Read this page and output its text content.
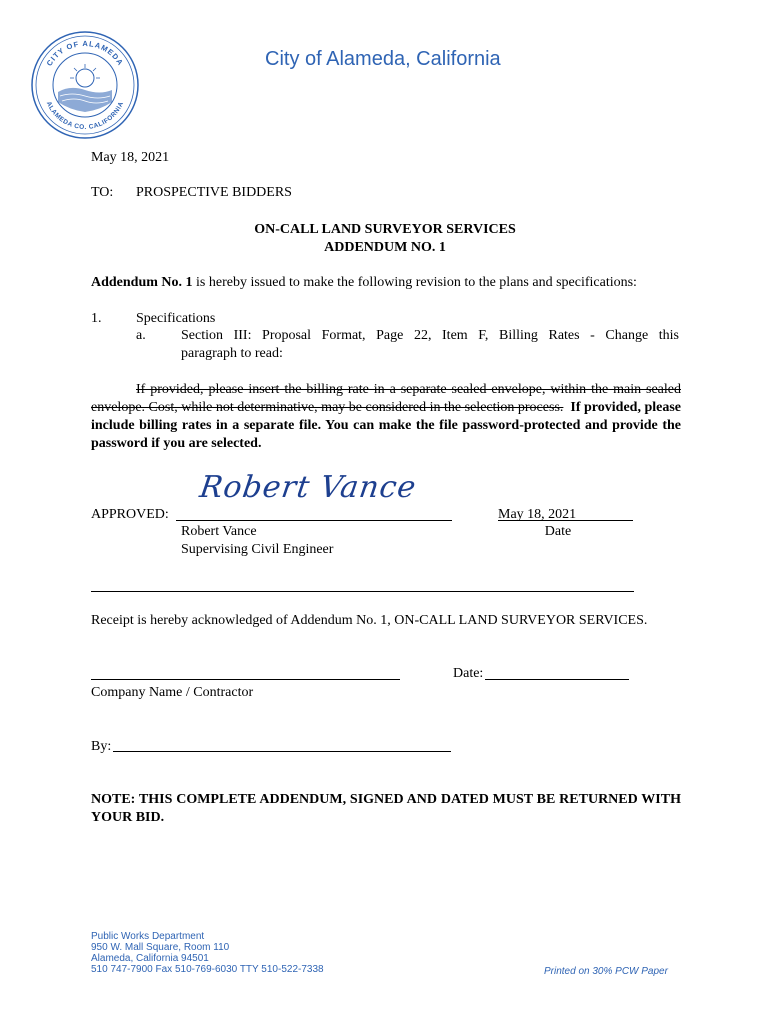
CITY OF ALAMEDA
ALAMEDA CO. CALIFORNIA
City of Alameda, California
May 18, 2021
TO: PROSPECTIVE BIDDERS
ON-CALL LAND SURVEYOR SERVICES
ADDENDUM NO. 1
Addendum No. 1 is hereby issued to make the following revision to the plans and specifications:
1. Specifications
a.	Section III: Proposal Format, Page 22, Item F, Billing Rates - Change this
paragraph to read:
If provided, please insert the billing rate in a separate sealed envelope, within the main sealed envelope. Cost, while not determinative, may be considered in the selection process. If provided, please include billing rates in a separate file. You can make the file password-protected and provide the password if you are selected.
APPROVED:
Robert Vance
May 18, 2021
Date
Robert Vance
Supervising Civil Engineer
Receipt is hereby acknowledged of Addendum No. 1, ON-CALL LAND SURVEYOR SERVICES.
Date:
Company Name / Contractor
By:
NOTE: THIS COMPLETE ADDENDUM, SIGNED AND DATED MUST BE RETURNED WITH YOUR BID.
Public Works Department
950 W. Mall Square, Room 110
Alameda, California 94501
510 747-7900 Fax 510-769-6030 TTY 510-522-7338	Printed on 30% PCW Paper
